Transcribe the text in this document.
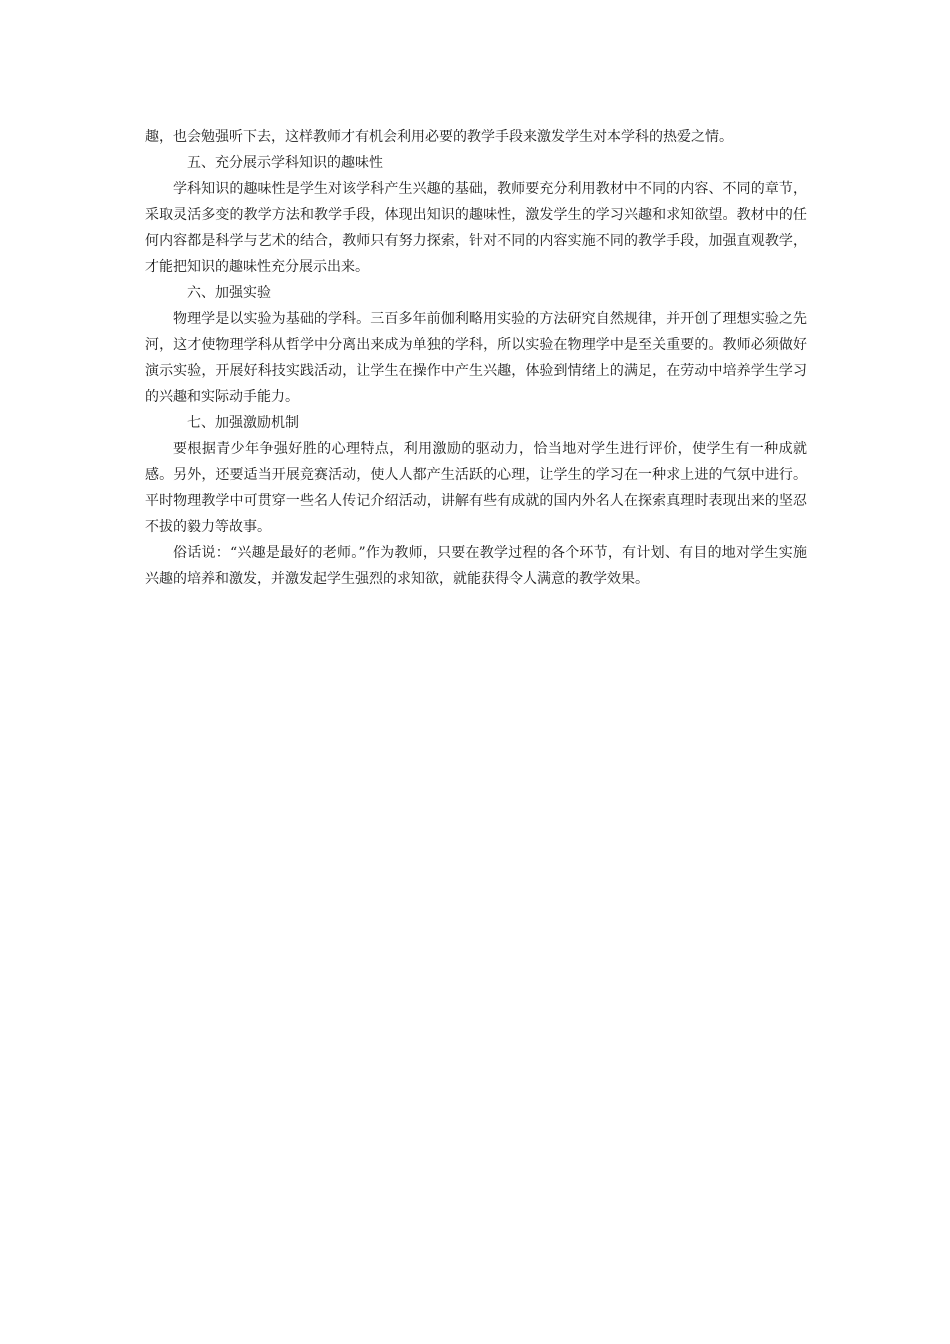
趣，也会勉强听下去，这样教师才有机会利用必要的教学手段来激发学生对本学科的热爱之情。

五、充分展示学科知识的趣味性

学科知识的趣味性是学生对该学科产生兴趣的基础，教师要充分利用教材中不同的内容、不同的章节，采取灵活多变的教学方法和教学手段，体现出知识的趣味性，激发学生的学习兴趣和求知欲望。教材中的任何内容都是科学与艺术的结合，教师只有努力探索，针对不同的内容实施不同的教学手段，加强直观教学，才能把知识的趣味性充分展示出来。

六、加强实验

物理学是以实验为基础的学科。三百多年前伽利略用实验的方法研究自然规律，并开创了理想实验之先河，这才使物理学科从哲学中分离出来成为单独的学科，所以实验在物理学中是至关重要的。教师必须做好演示实验，开展好科技实践活动，让学生在操作中产生兴趣，体验到情绪上的满足，在劳动中培养学生学习的兴趣和实际动手能力。

七、加强激励机制

要根据青少年争强好胜的心理特点，利用激励的驱动力，恰当地对学生进行评价，使学生有一种成就感。另外，还要适当开展竞赛活动，使人人都产生活跃的心理，让学生的学习在一种求上进的气氛中进行。平时物理教学中可贯穿一些名人传记介绍活动，讲解有些有成就的国内外名人在探索真理时表现出来的坚忍不拔的毅力等故事。

俗话说：“兴趣是最好的老师。”作为教师，只要在教学过程的各个环节，有计划、有目的地对学生实施兴趣的培养和激发，并激发起学生强烈的求知欲，就能获得令人满意的教学效果。
